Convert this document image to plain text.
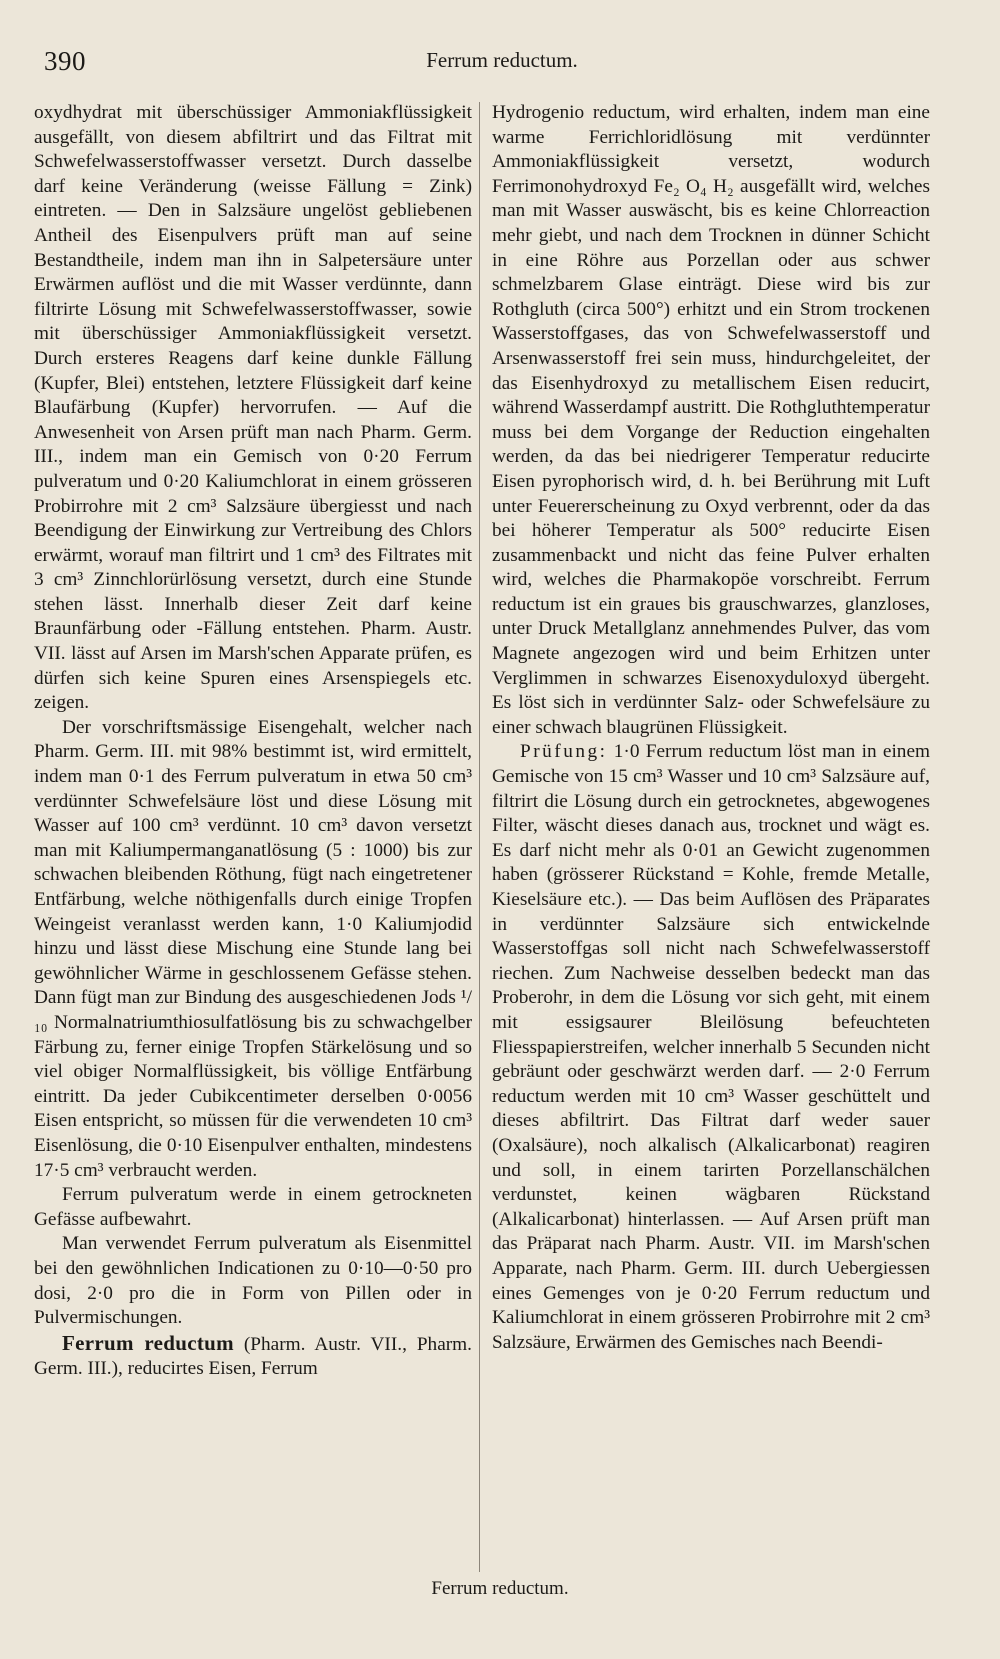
390	Ferrum reductum.

oxydhydrat mit überschüssiger Ammoniakflüssigkeit ausgefällt, von diesem abfiltrirt und das Filtrat mit Schwefelwasserstoffwasser versetzt. Durch dasselbe darf keine Veränderung (weisse Fällung = Zink) eintreten. — Den in Salzsäure ungelöst gebliebenen Antheil des Eisenpulvers prüft man auf seine Bestandtheile, indem man ihn in Salpetersäure unter Erwärmen auflöst und die mit Wasser verdünnte, dann filtrirte Lösung mit Schwefelwasserstoffwasser, sowie mit überschüssiger Ammoniakflüssigkeit versetzt. Durch ersteres Reagens darf keine dunkle Fällung (Kupfer, Blei) entstehen, letztere Flüssigkeit darf keine Blaufärbung (Kupfer) hervorrufen. — Auf die Anwesenheit von Arsen prüft man nach Pharm. Germ. III., indem man ein Gemisch von 0·20 Ferrum pulveratum und 0·20 Kaliumchlorat in einem grösseren Probirrohre mit 2 cm³ Salzsäure übergiesst und nach Beendigung der Einwirkung zur Vertreibung des Chlors erwärmt, worauf man filtrirt und 1 cm³ des Filtrates mit 3 cm³ Zinnchlorürlösung versetzt, durch eine Stunde stehen lässt. Innerhalb dieser Zeit darf keine Braunfärbung oder -Fällung entstehen. Pharm. Austr. VII. lässt auf Arsen im Marsh'schen Apparate prüfen, es dürfen sich keine Spuren eines Arsenspiegels etc. zeigen.

Der vorschriftsmässige Eisengehalt, welcher nach Pharm. Germ. III. mit 98% bestimmt ist, wird ermittelt, indem man 0·1 des Ferrum pulveratum in etwa 50 cm³ verdünnter Schwefelsäure löst und diese Lösung mit Wasser auf 100 cm³ verdünnt. 10 cm³ davon versetzt man mit Kaliumpermanganatlösung (5 : 1000) bis zur schwachen bleibenden Röthung, fügt nach eingetretener Entfärbung, welche nöthigenfalls durch einige Tropfen Weingeist veranlasst werden kann, 1·0 Kaliumjodid hinzu und lässt diese Mischung eine Stunde lang bei gewöhnlicher Wärme in geschlossenem Gefässe stehen. Dann fügt man zur Bindung des ausgeschiedenen Jods ¹/₁₀ Normalnatriumthiosulfatlösung bis zu schwachgelber Färbung zu, ferner einige Tropfen Stärkelösung und so viel obiger Normalflüssigkeit, bis völlige Entfärbung eintritt. Da jeder Cubikcentimeter derselben 0·0056 Eisen entspricht, so müssen für die verwendeten 10 cm³ Eisenlösung, die 0·10 Eisenpulver enthalten, mindestens 17·5 cm³ verbraucht werden.

Ferrum pulveratum werde in einem getrockneten Gefässe aufbewahrt.

Man verwendet Ferrum pulveratum als Eisenmittel bei den gewöhnlichen Indicationen zu 0·10—0·50 pro dosi, 2·0 pro die in Form von Pillen oder in Pulvermischungen.

Ferrum reductum (Pharm. Austr. VII., Pharm. Germ. III.), reducirtes Eisen, Ferrum

Hydrogenio reductum, wird erhalten, indem man eine warme Ferrichloridlösung mit verdünnter Ammoniakflüssigkeit versetzt, wodurch Ferrimonohydroxyd Fe₂ O₄ H₂ ausgefällt wird, welches man mit Wasser auswäscht, bis es keine Chlorreaction mehr giebt, und nach dem Trocknen in dünner Schicht in eine Röhre aus Porzellan oder aus schwer schmelzbarem Glase einträgt. Diese wird bis zur Rothgluth (circa 500°) erhitzt und ein Strom trockenen Wasserstoffgases, das von Schwefelwasserstoff und Arsenwasserstoff frei sein muss, hindurchgeleitet, der das Eisenhydroxyd zu metallischem Eisen reducirt, während Wasserdampf austritt. Die Rothgluthtemperatur muss bei dem Vorgange der Reduction eingehalten werden, da das bei niedrigerer Temperatur reducirte Eisen pyrophorisch wird, d. h. bei Berührung mit Luft unter Feuererscheinung zu Oxyd verbrennt, oder da das bei höherer Temperatur als 500° reducirte Eisen zusammenbackt und nicht das feine Pulver erhalten wird, welches die Pharmakopöe vorschreibt. Ferrum reductum ist ein graues bis grauschwarzes, glanzloses, unter Druck Metallglanz annehmendes Pulver, das vom Magnete angezogen wird und beim Erhitzen unter Verglimmen in schwarzes Eisenoxyduloxyd übergeht. Es löst sich in verdünnter Salz- oder Schwefelsäure zu einer schwach blaugrünen Flüssigkeit.

Prüfung: 1·0 Ferrum reductum löst man in einem Gemische von 15 cm³ Wasser und 10 cm³ Salzsäure auf, filtrirt die Lösung durch ein getrocknetes, abgewogenes Filter, wäscht dieses danach aus, trocknet und wägt es. Es darf nicht mehr als 0·01 an Gewicht zugenommen haben (grösserer Rückstand = Kohle, fremde Metalle, Kieselsäure etc.). — Das beim Auflösen des Präparates in verdünnter Salzsäure sich entwickelnde Wasserstoffgas soll nicht nach Schwefelwasserstoff riechen. Zum Nachweise desselben bedeckt man das Proberohr, in dem die Lösung vor sich geht, mit einem mit essigsaurer Bleilösung befeuchteten Fliesspapierstreifen, welcher innerhalb 5 Secunden nicht gebräunt oder geschwärzt werden darf. — 2·0 Ferrum reductum werden mit 10 cm³ Wasser geschüttelt und dieses abfiltrirt. Das Filtrat darf weder sauer (Oxalsäure), noch alkalisch (Alkalicarbonat) reagiren und soll, in einem tarirten Porzellanschälchen verdunstet, keinen wägbaren Rückstand (Alkalicarbonat) hinterlassen. — Auf Arsen prüft man das Präparat nach Pharm. Austr. VII. im Marsh'schen Apparate, nach Pharm. Germ. III. durch Uebergiessen eines Gemenges von je 0·20 Ferrum reductum und Kaliumchlorat in einem grösseren Probirrohre mit 2 cm³ Salzsäure, Erwärmen des Gemisches nach Beendi-

Ferrum reductum.
